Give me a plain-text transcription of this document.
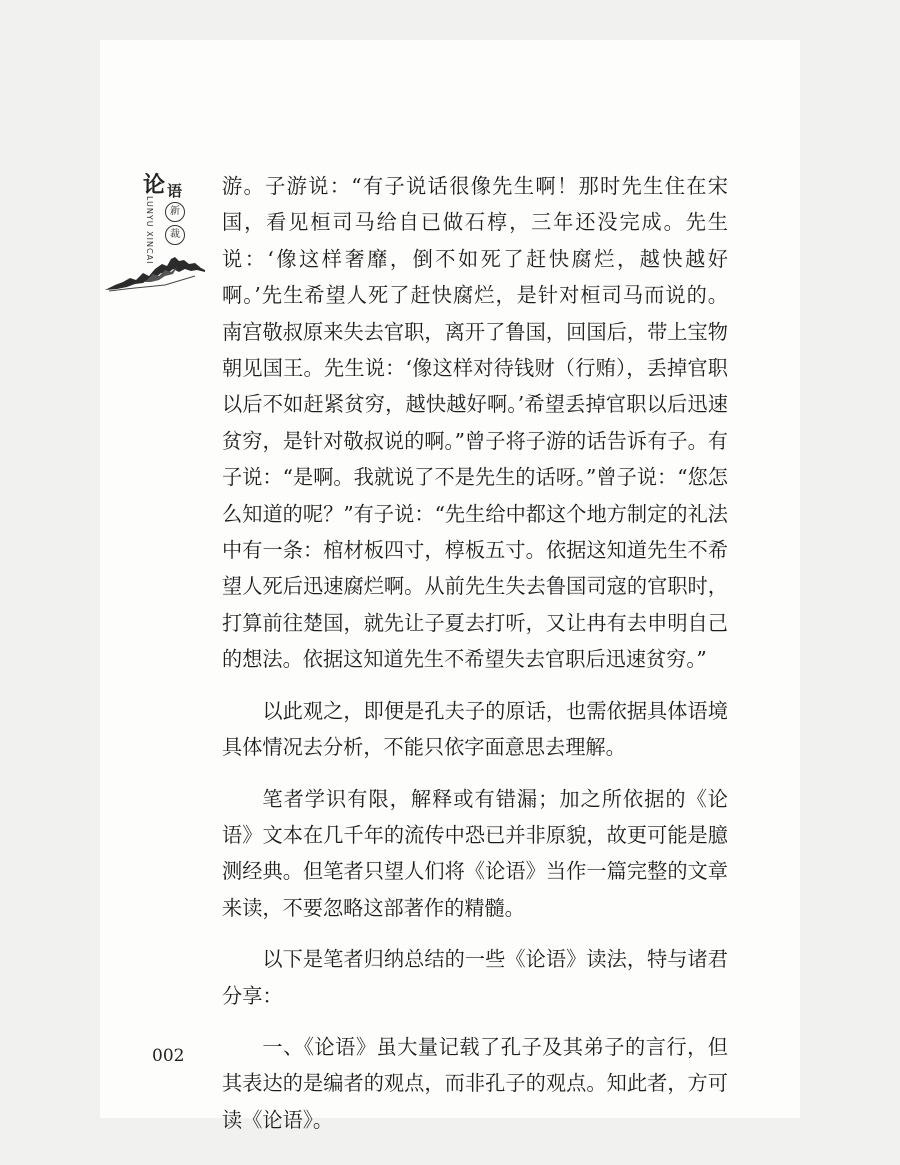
论 语
LUNYU XINCAI	新
裁

游。子游说：“有子说话很像先生啊！那时先生住在宋国，看见桓司马给自已做石椁，三年还没完成。先生说：‘像这样奢靡，倒不如死了赶快腐烂，越快越好啊。’先生希望人死了赶快腐烂，是针对桓司马而说的。 南宫敬叔原来失去官职，离开了鲁国，回国后，带上宝物朝见国王。先生说：‘像这样对待钱财（行贿），丢掉官职以后不如赶紧贫穷，越快越好啊。’希望丢掉官职以后迅速贫穷，是针对敬叔说的啊。”曾子将子游的话告诉有子。有子说：“是啊。我就说了不是先生的话呀。”曾子说：“您怎么知道的呢？”有子说：“先生给中都这个地方制定的礼法中有一条：棺材板四寸，椁板五寸。依据这知道先生不希望人死后迅速腐烂啊。从前先生失去鲁国司寇的官职时，打算前往楚国，就先让子夏去打听，又让冉有去申明自己的想法。依据这知道先生不希望失去官职后迅速贫穷。”

以此观之，即便是孔夫子的原话，也需依据具体语境具体情况去分析，不能只依字面意思去理解。

笔者学识有限，解释或有错漏；加之所依据的《论语》文本在几千年的流传中恐已并非原貌，故更可能是臆测经典。但笔者只望人们将《论语》当作一篇完整的文章来读，不要忽略这部著作的精髓。

以下是笔者归纳总结的一些《论语》读法，特与诸君分享：

一、《论语》虽大量记载了孔子及其弟子的言行，但其表达的是编者的观点，而非孔子的观点。知此者，方可读《论语》。

002
